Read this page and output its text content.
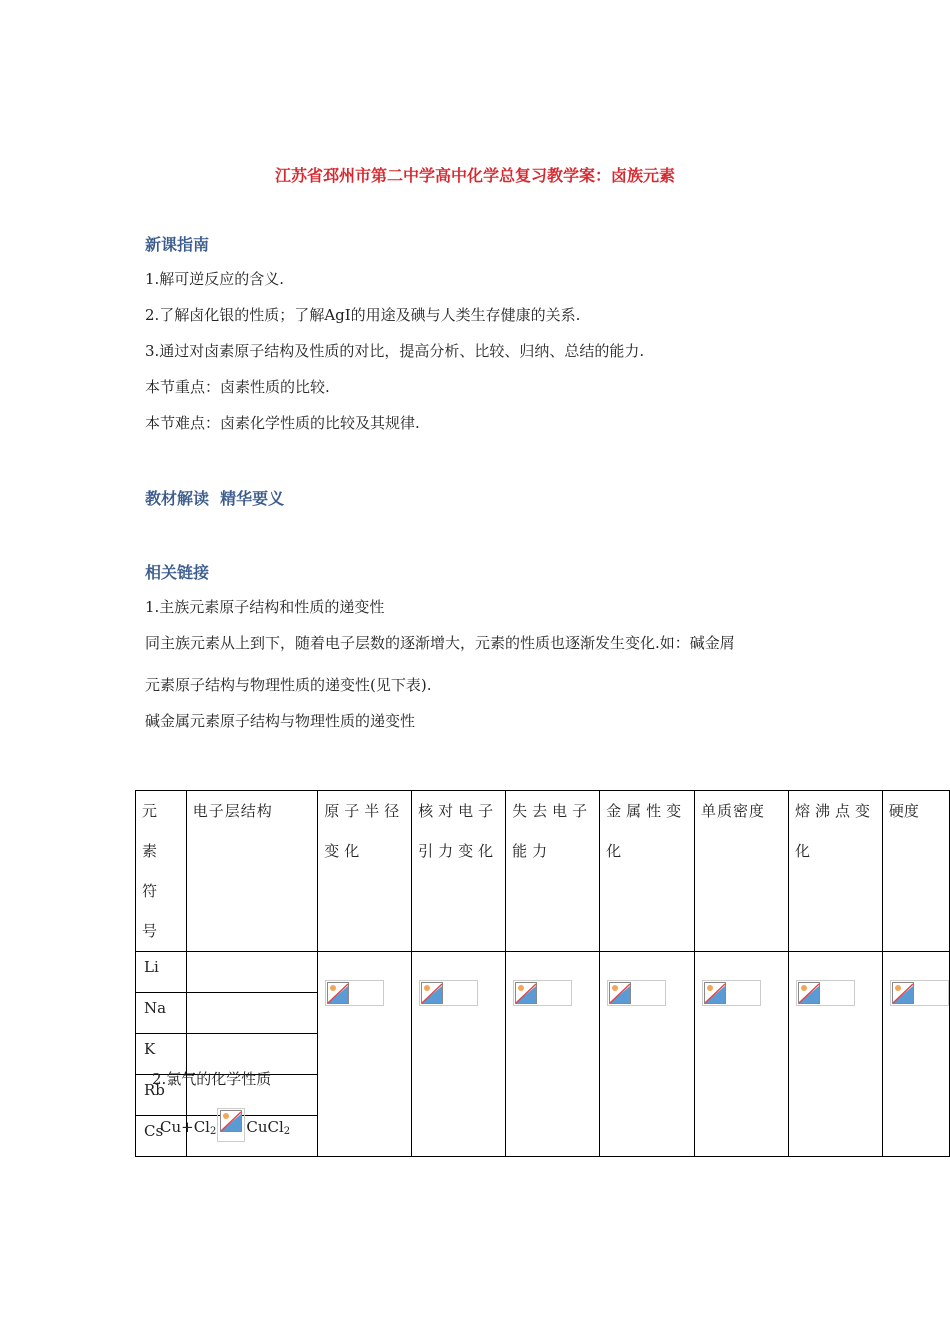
江苏省邳州市第二中学高中化学总复习教学案：卤族元素
新课指南
1.解可逆反应的含义.
2.了解卤化银的性质；了解AgI的用途及碘与人类生存健康的关系.
3.通过对卤素原子结构及性质的对比，提高分析、比较、归纳、总结的能力.
本节重点：卤素性质的比较.
本节难点：卤素化学性质的比较及其规律.
教材解读  精华要义
相关链接
1.主族元素原子结构和性质的递变性
同主族元素从上到下，随着电子层数的逐渐增大，元素的性质也逐渐发生变化.如：碱金屑
元素原子结构与物理性质的递变性(见下表).
碱金属元素原子结构与物理性质的递变性
元素符号	电子层结构	原子半径变化	核对电子引力变化	失去电子能力	金属性变化	单质密度	熔沸点变化	硬度
Li		

Na								
K								
Rb								
Cs								
2.氯气的化学性质
$Cu+Cl_2$ CuCl$_2$
